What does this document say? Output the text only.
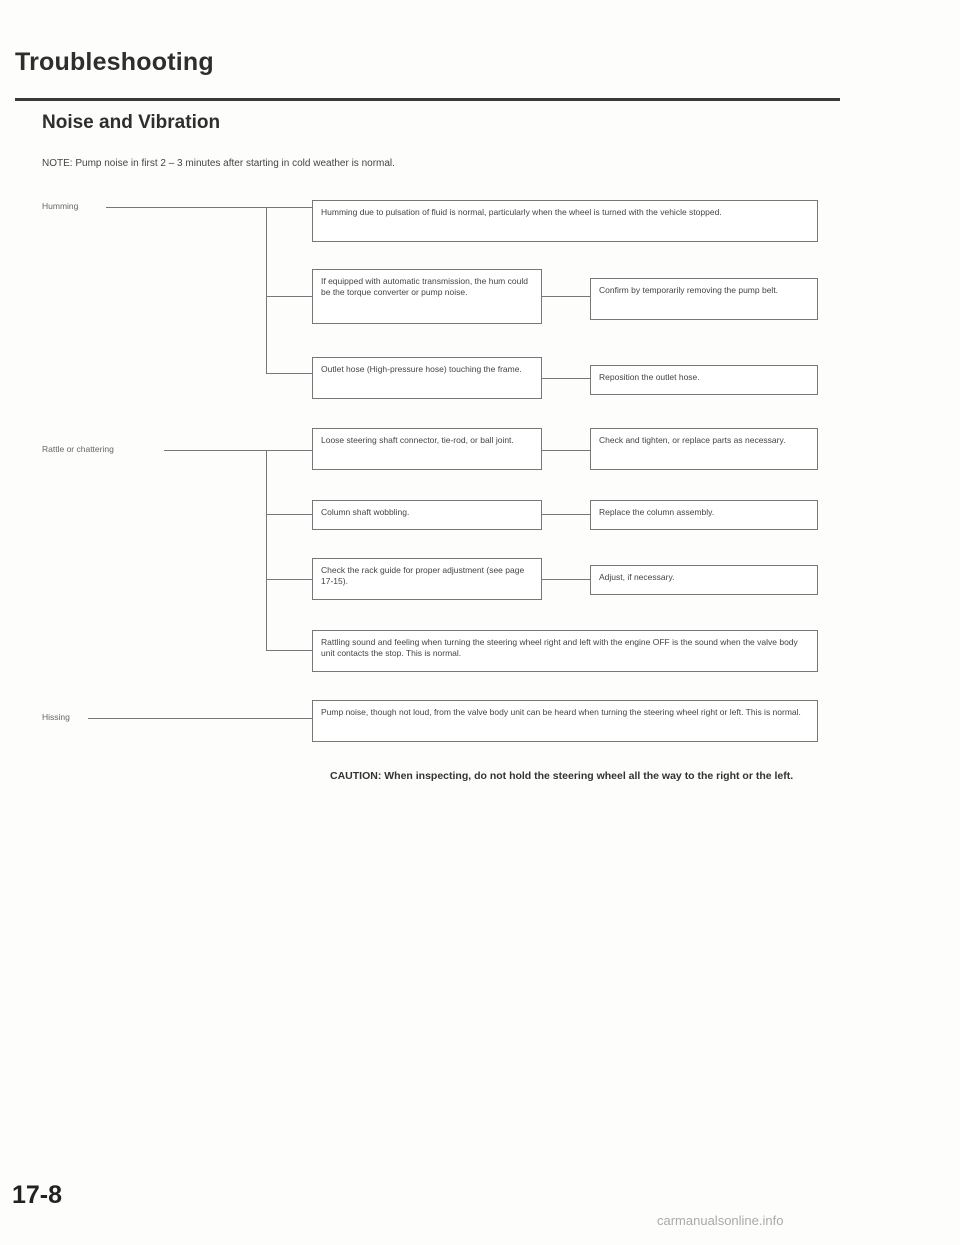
Troubleshooting
Noise and Vibration
NOTE: Pump noise in first 2 – 3 minutes after starting in cold weather is normal.
Humming
Humming due to pulsation of fluid is normal, particularly when the wheel is turned with the vehicle stopped.
If equipped with automatic transmission, the hum could be the torque converter or pump noise.	Confirm by temporarily removing the pump belt.
Outlet hose (High-pressure hose) touching the frame.
Reposition the outlet hose.
Rattle or chattering
Loose steering shaft connector, tie-rod, or ball joint.	Check and tighten, or replace parts as necessary.
Column shaft wobbling.	Replace the column assembly.
Check the rack guide for proper adjustment (see page 17-15).	Adjust, if necessary.
Rattling sound and feeling when turning the steering wheel right and left with the engine OFF is the sound when the valve body unit contacts the stop. This is normal.
Hissing	Pump noise, though not loud, from the valve body unit can be heard when turning the steering wheel right or left. This is normal.
CAUTION: When inspecting, do not hold the steering wheel all the way to the right or the left.
17-8
carmanualsonline.info
